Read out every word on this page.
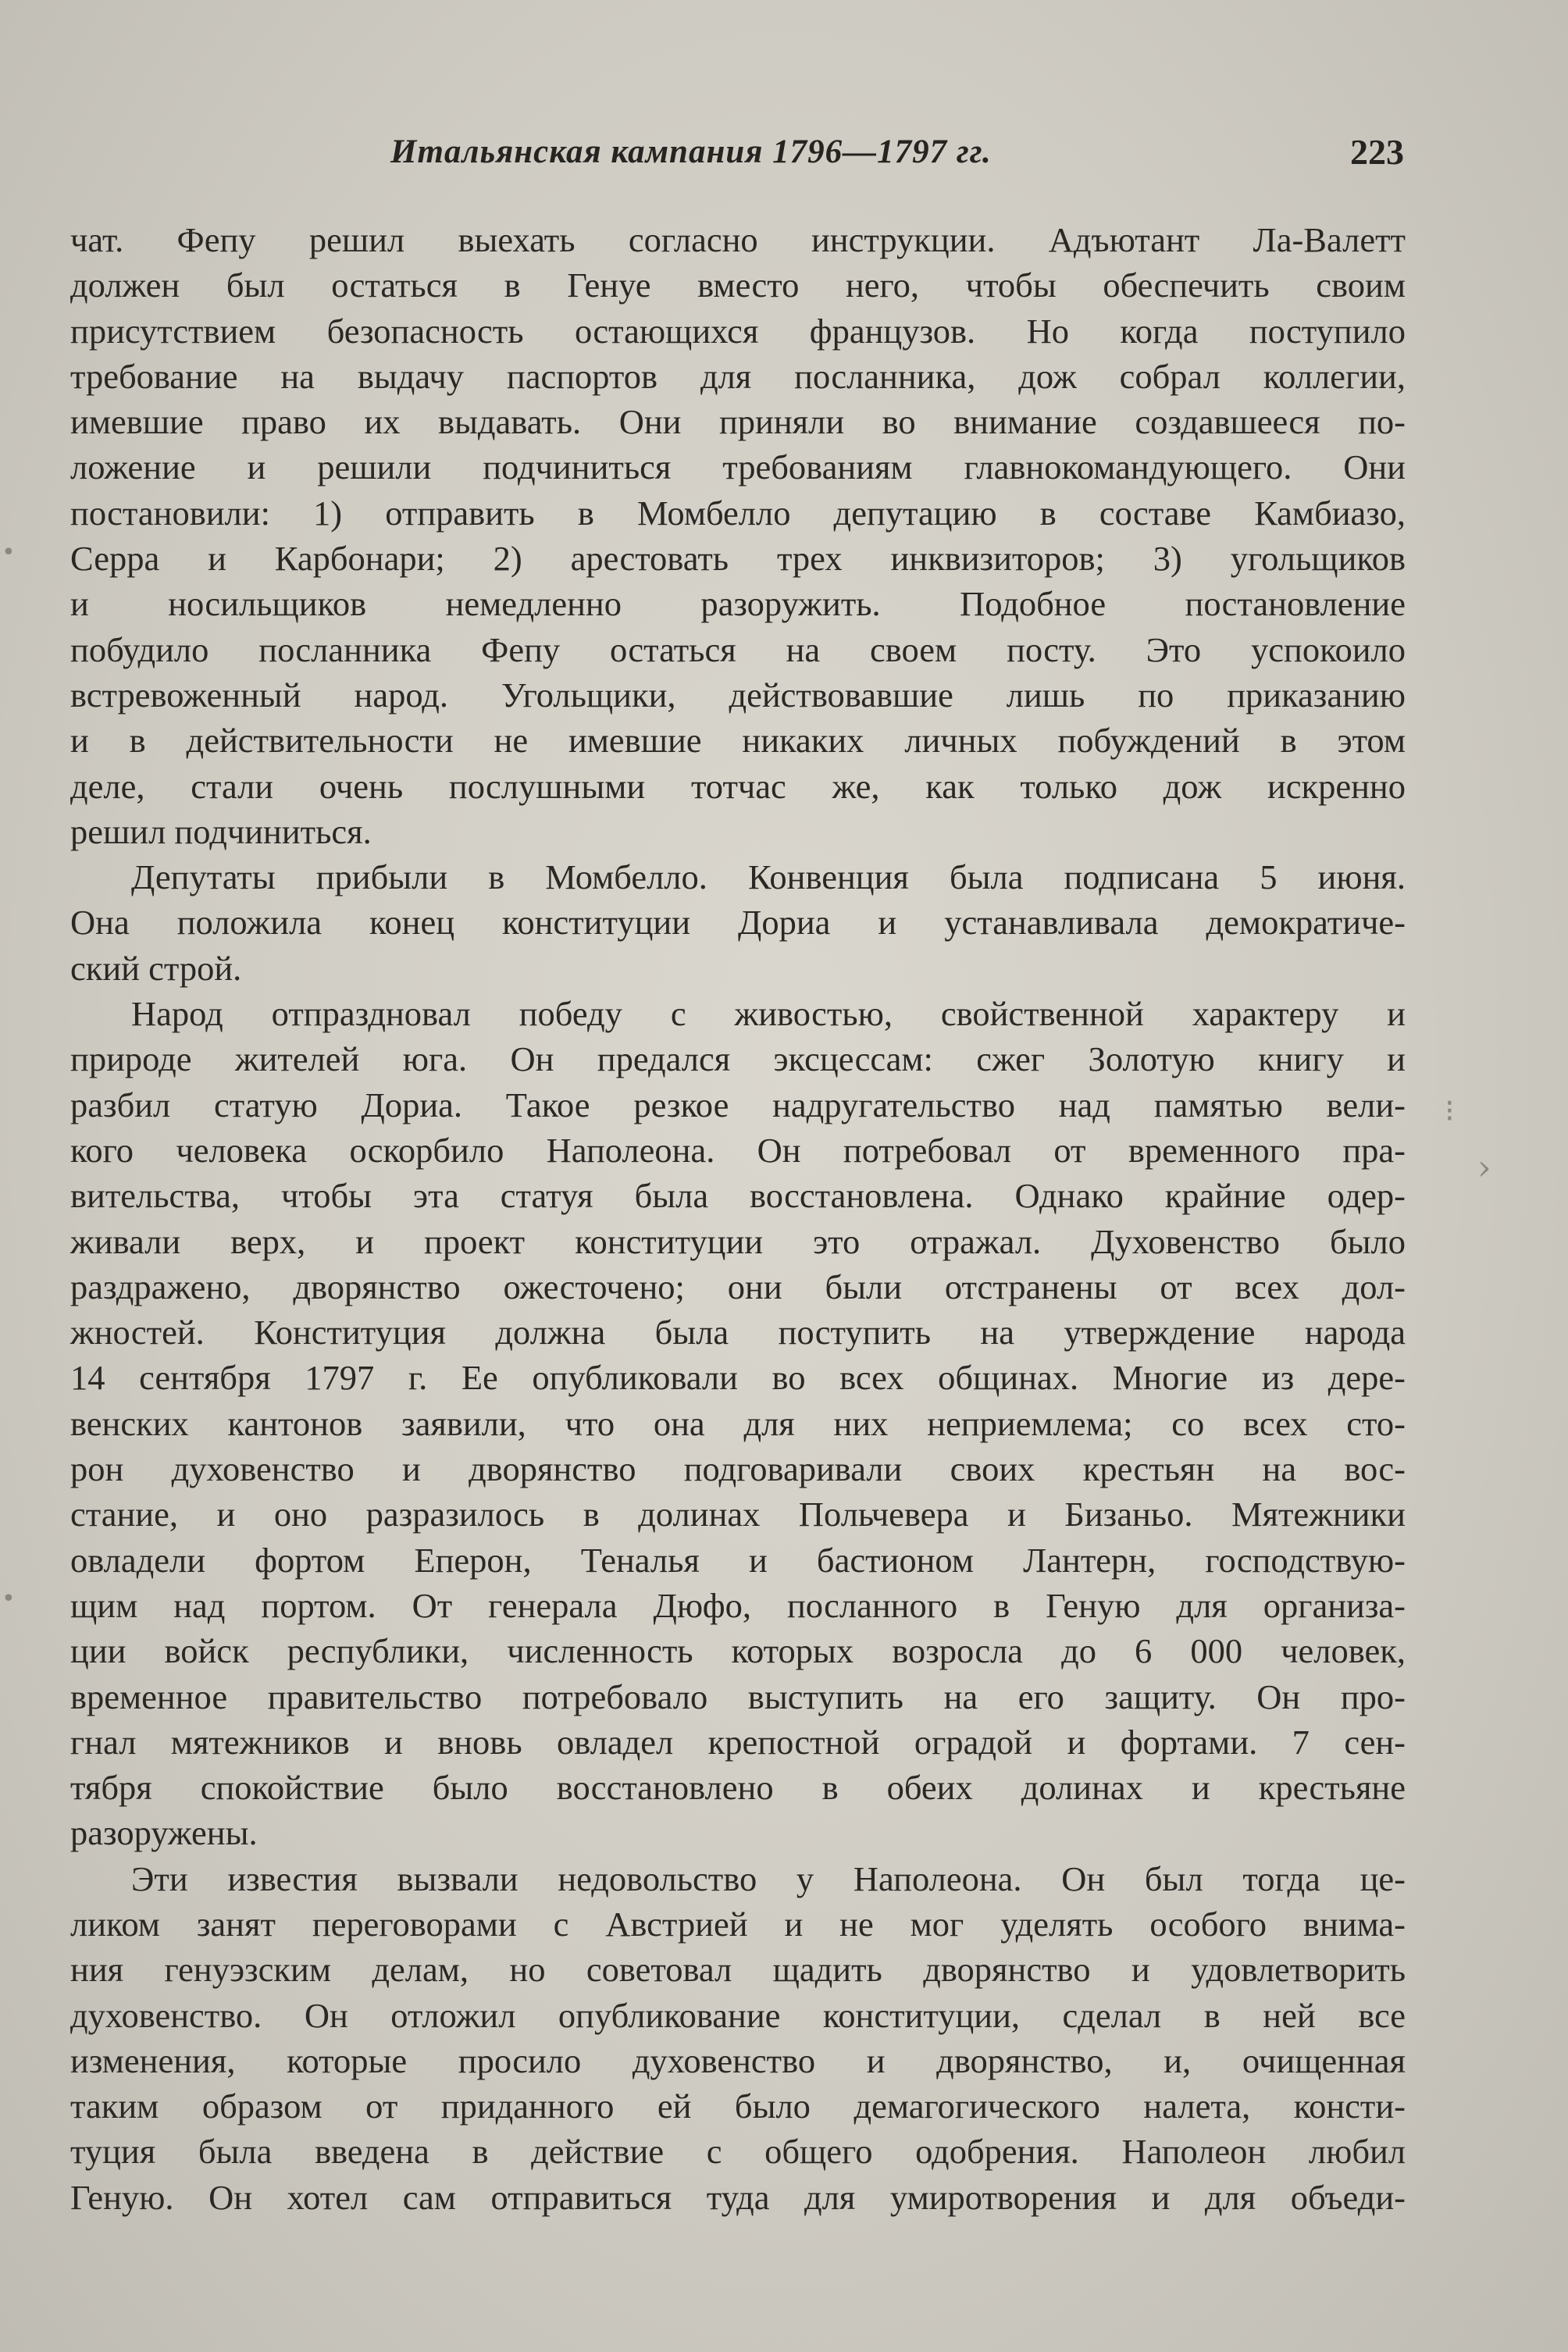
Итальянская кампания 1796—1797 гг.	223
чат. Фепу решил выехать согласно инструкции. Адъютант Ла-Валетт
должен был остаться в Генуе вместо него, чтобы обеспечить своим
присутствием безопасность остающихся французов. Но когда поступило
требование на выдачу паспортов для посланника, дож собрал коллегии,
имевшие право их выдавать. Они приняли во внимание создавшееся по-
ложение и решили подчиниться требованиям главнокомандующего. Они
постановили: 1) отправить в Момбелло депутацию в составе Камбиазо,
Серра и Карбонари; 2) арестовать трех инквизиторов; 3) угольщиков
и носильщиков немедленно разоружить. Подобное постановление
побудило посланника Фепу остаться на своем посту. Это успокоило
встревоженный народ. Угольщики, действовавшие лишь по приказанию
и в действительности не имевшие никаких личных побуждений в этом
деле, стали очень послушными тотчас же, как только дож искренно
решил подчиниться.
Депутаты прибыли в Момбелло. Конвенция была подписана 5 июня.
Она положила конец конституции Дориа и устанавливала демократиче-
ский строй.
Народ отпраздновал победу с живостью, свойственной характеру и
природе жителей юга. Он предался эксцессам: сжег Золотую книгу и
разбил статую Дориа. Такое резкое надругательство над памятью вели-
кого человека оскорбило Наполеона. Он потребовал от временного пра-
вительства, чтобы эта статуя была восстановлена. Однако крайние одер-
живали верх, и проект конституции это отражал. Духовенство было
раздражено, дворянство ожесточено; они были отстранены от всех дол-
жностей. Конституция должна была поступить на утверждение народа
14 сентября 1797 г. Ее опубликовали во всех общинах. Многие из дере-
венских кантонов заявили, что она для них неприемлема; со всех сто-
рон духовенство и дворянство подговаривали своих крестьян на вос-
стание, и оно разразилось в долинах Польчевера и Бизаньо. Мятежники
овладели фортом Еперон, Теналья и бастионом Лантерн, господствую-
щим над портом. От генерала Дюфо, посланного в Геную для организа-
ции войск республики, численность которых возросла до 6 000 человек,
временное правительство потребовало выступить на его защиту. Он про-
гнал мятежников и вновь овладел крепостной оградой и фортами. 7 сен-
тября спокойствие было восстановлено в обеих долинах и крестьяне
разоружены.
Эти известия вызвали недовольство у Наполеона. Он был тогда це-
ликом занят переговорами с Австрией и не мог уделять особого внима-
ния генуэзским делам, но советовал щадить дворянство и удовлетворить
духовенство. Он отложил опубликование конституции, сделал в ней все
изменения, которые просило духовенство и дворянство, и, очищенная
таким образом от приданного ей было демагогического налета, консти-
туция была введена в действие с общего одобрения. Наполеон любил
Геную. Он хотел сам отправиться туда для умиротворения и для объеди-
⁝
›
•
•
